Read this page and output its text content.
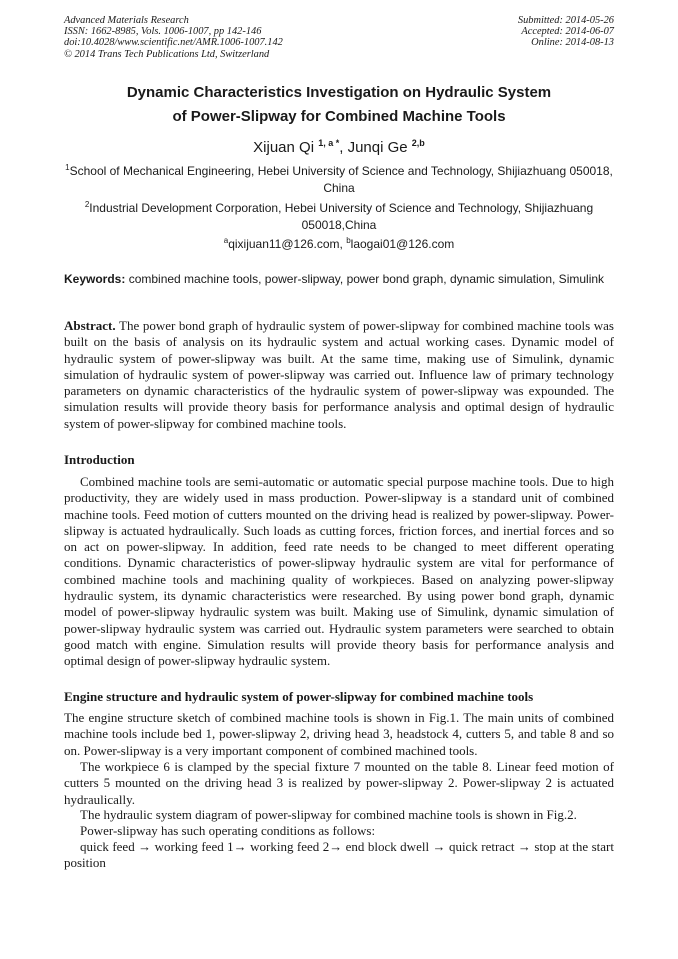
Advanced Materials Research
ISSN: 1662-8985, Vols. 1006-1007, pp 142-146
doi:10.4028/www.scientific.net/AMR.1006-1007.142
© 2014 Trans Tech Publications Ltd, Switzerland
Submitted: 2014-05-26
Accepted: 2014-06-07
Online: 2014-08-13
Dynamic Characteristics Investigation on Hydraulic System
of Power-Slipway for Combined Machine Tools
Xijuan Qi $^{1, a *}$, Junqi Ge $^{2,b}$
$^1$School of Mechanical Engineering, Hebei University of Science and Technology, Shijiazhuang 050018, China
$^2$Industrial Development Corporation, Hebei University of Science and Technology, Shijiazhuang 050018,China
$^a$qixijuan11@126.com, $^b$laogai01@126.com
Keywords: combined machine tools, power-slipway, power bond graph, dynamic simulation, Simulink
Abstract. The power bond graph of hydraulic system of power-slipway for combined machine tools was built on the basis of analysis on its hydraulic system and actual working cases. Dynamic model of hydraulic system of power-slipway was built. At the same time, making use of Simulink, dynamic simulation of hydraulic system of power-slipway was carried out. Influence law of primary technology parameters on dynamic characteristics of the hydraulic system of power-slipway was expounded. The simulation results will provide theory basis for performance analysis and optimal design of hydraulic system of power-slipway for combined machine tools.
Introduction

Combined machine tools are semi-automatic or automatic special purpose machine tools. Due to high productivity, they are widely used in mass production. Power-slipway is a standard unit of combined machine tools. Feed motion of cutters mounted on the driving head is realized by power-slipway. Power-slipway is actuated hydraulically. Such loads as cutting forces, friction forces, and inertial forces and so on act on power-slipway. In addition, feed rate needs to be changed to meet different operating conditions. Dynamic characteristics of power-slipway hydraulic system are vital for performance of combined machine tools and machining quality of workpieces. Based on analyzing power-slipway hydraulic system, its dynamic characteristics were researched. By using power bond graph, dynamic model of power-slipway hydraulic system was built. Making use of Simulink, dynamic simulation of power-slipway hydraulic system was carried out. Hydraulic system parameters were searched to obtain good match with engine. Simulation results will provide theory basis for performance analysis and optimal design of power-slipway hydraulic system.

Engine structure and hydraulic system of power-slipway for combined machine tools

The engine structure sketch of combined machine tools is shown in Fig.1. The main units of combined machine tools include bed 1, power-slipway 2, driving head 3, headstock 4, cutters 5, and table 8 and so on. Power-slipway is a very important component of combined machined tools.

The workpiece 6 is clamped by the special fixture 7 mounted on the table 8. Linear feed motion of cutters 5 mounted on the driving head 3 is realized by power-slipway 2. Power-slipway 2 is actuated hydraulically.

The hydraulic system diagram of power-slipway for combined machine tools is shown in Fig.2.

Power-slipway has such operating conditions as follows:

quick feed → working feed 1→ working feed 2→ end block dwell → quick retract → stop at the start position
